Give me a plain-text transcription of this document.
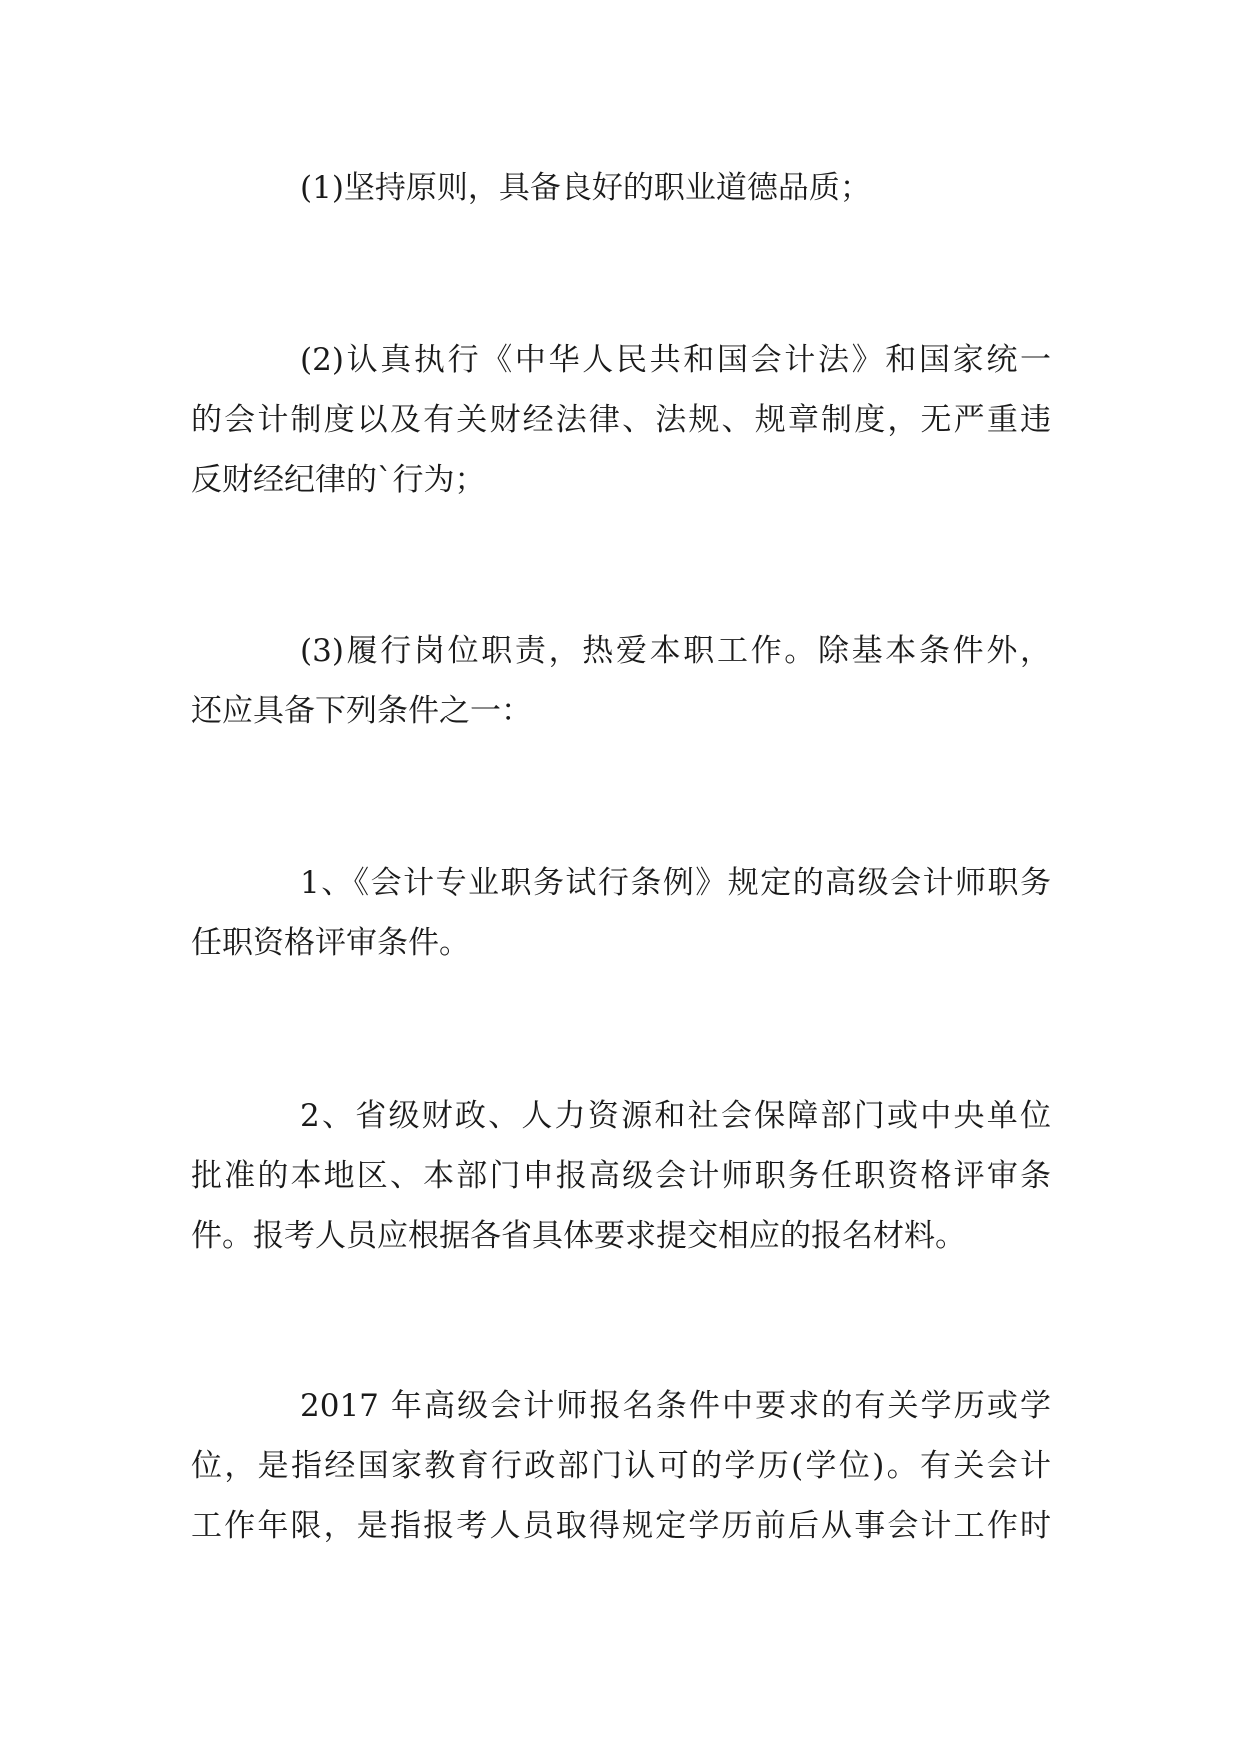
(1)坚持原则，具备良好的职业道德品质；

(2)认真执行《中华人民共和国会计法》和国家统一

的会计制度以及有关财经法律、法规、规章制度，无严重违

反财经纪律的`行为；

(3)履行岗位职责，热爱本职工作。除基本条件外，

还应具备下列条件之一：

1、《会计专业职务试行条例》规定的高级会计师职务

任职资格评审条件。

2、省级财政、人力资源和社会保障部门或中央单位

批准的本地区、本部门申报高级会计师职务任职资格评审条

件。报考人员应根据各省具体要求提交相应的报名材料。

2017 年高级会计师报名条件中要求的有关学历或学

位，是指经国家教育行政部门认可的学历(学位)。有关会计

工作年限，是指报考人员取得规定学历前后从事会计工作时
